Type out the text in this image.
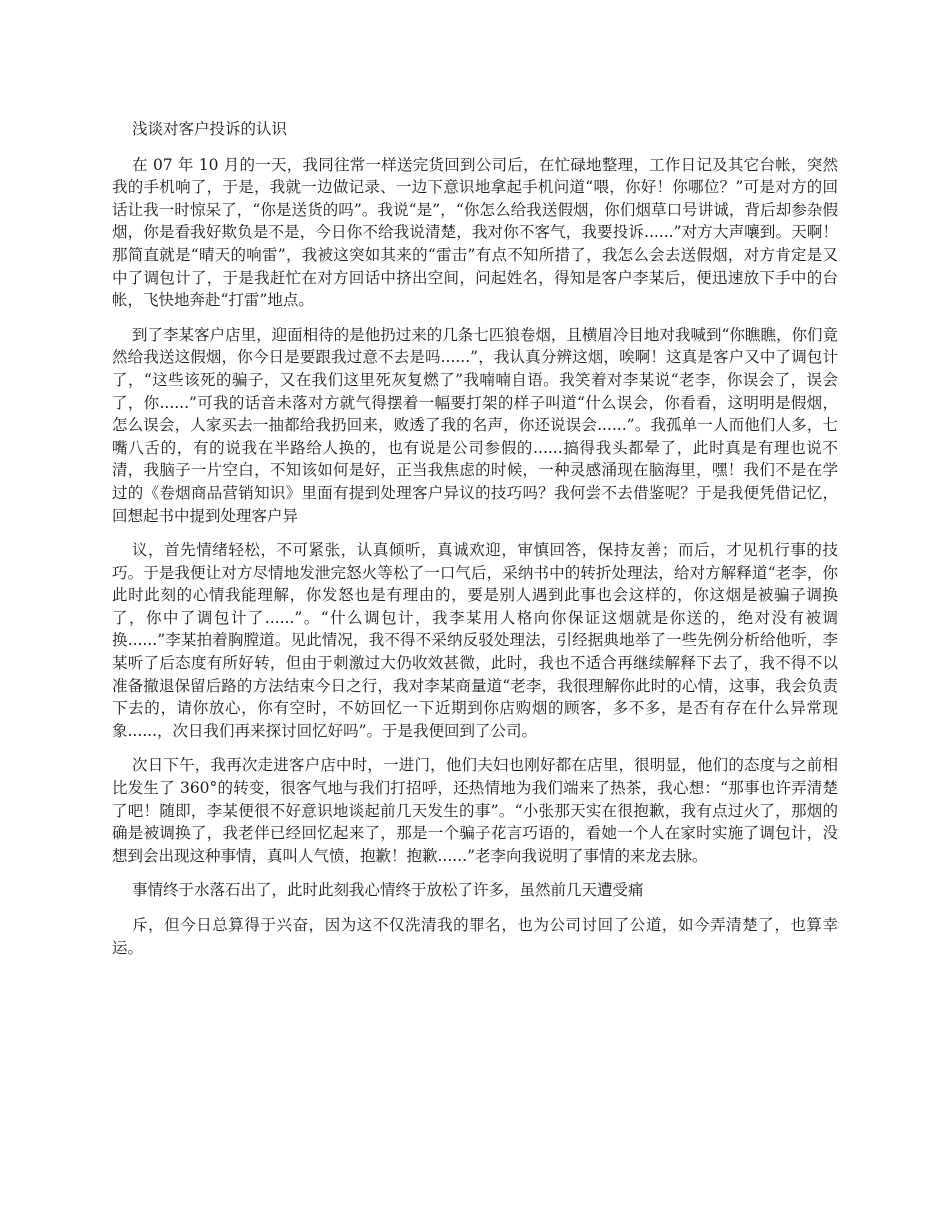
浅谈对客户投诉的认识

在 07 年 10 月的一天，我同往常一样送完货回到公司后，在忙碌地整理，工作日记及其它台帐，突然我的手机响了，于是，我就一边做记录、一边下意识地拿起手机问道“喂，你好！你哪位？”可是对方的回话让我一时惊呆了，“你是送货的吗”。我说“是”，“你怎么给我送假烟，你们烟草口号讲诚，背后却参杂假烟，你是看我好欺负是不是，今日你不给我说清楚，我对你不客气，我要投诉......”对方大声嚷到。天啊！那简直就是“晴天的响雷”，我被这突如其来的“雷击”有点不知所措了，我怎么会去送假烟，对方肯定是又中了调包计了，于是我赶忙在对方回话中挤出空间，问起姓名，得知是客户李某后，便迅速放下手中的台帐，飞快地奔赴“打雷”地点。

到了李某客户店里，迎面相待的是他扔过来的几条七匹狼卷烟，且横眉冷目地对我喊到“你瞧瞧，你们竟然给我送这假烟，你今日是要跟我过意不去是吗......”，我认真分辨这烟，唉啊！这真是客户又中了调包计了，“这些该死的骗子，又在我们这里死灰复燃了”我喃喃自语。我笑着对李某说“老李，你误会了，误会了，你......”可我的话音未落对方就气得摆着一幅要打架的样子叫道“什么误会，你看看，这明明是假烟，怎么误会，人家买去一抽都给我扔回来，败透了我的名声，你还说误会......”。我孤单一人而他们人多，七嘴八舌的，有的说我在半路给人换的，也有说是公司参假的......搞得我头都晕了，此时真是有理也说不清，我脑子一片空白，不知该如何是好，正当我焦虑的时候，一种灵感涌现在脑海里，嘿！我们不是在学过的《卷烟商品营销知识》里面有提到处理客户异议的技巧吗？我何尝不去借鉴呢？于是我便凭借记忆，回想起书中提到处理客户异

议，首先情绪轻松，不可紧张，认真倾听，真诚欢迎，审慎回答，保持友善；而后，才见机行事的技巧。于是我便让对方尽情地发泄完怒火等松了一口气后，采纳书中的转折处理法，给对方解释道“老李，你此时此刻的心情我能理解，你发怒也是有理由的，要是别人遇到此事也会这样的，你这烟是被骗子调换了，你中了调包计了......”。“什么调包计，我李某用人格向你保证这烟就是你送的，绝对没有被调换......”李某拍着胸膛道。见此情况，我不得不采纳反驳处理法，引经据典地举了一些先例分析给他听，李某听了后态度有所好转，但由于刺激过大仍收效甚微，此时，我也不适合再继续解释下去了，我不得不以准备撤退保留后路的方法结束今日之行，我对李某商量道“老李，我很理解你此时的心情，这事，我会负责下去的，请你放心，你有空时，不妨回忆一下近期到你店购烟的顾客，多不多，是否有存在什么异常现象......，次日我们再来探讨回忆好吗”。于是我便回到了公司。

次日下午，我再次走进客户店中时，一进门，他们夫妇也刚好都在店里，很明显，他们的态度与之前相比发生了 360°的转变，很客气地与我们打招呼，还热情地为我们端来了热茶，我心想：“那事也许弄清楚了吧！随即，李某便很不好意识地谈起前几天发生的事”。“小张那天实在很抱歉，我有点过火了，那烟的确是被调换了，我老伴已经回忆起来了，那是一个骗子花言巧语的，看她一个人在家时实施了调包计，没想到会出现这种事情，真叫人气愤，抱歉！抱歉......”老李向我说明了事情的来龙去脉。

事情终于水落石出了，此时此刻我心情终于放松了许多，虽然前几天遭受痛

斥，但今日总算得于兴奋，因为这不仅洗清我的罪名，也为公司讨回了公道，如今弄清楚了，也算幸运。
